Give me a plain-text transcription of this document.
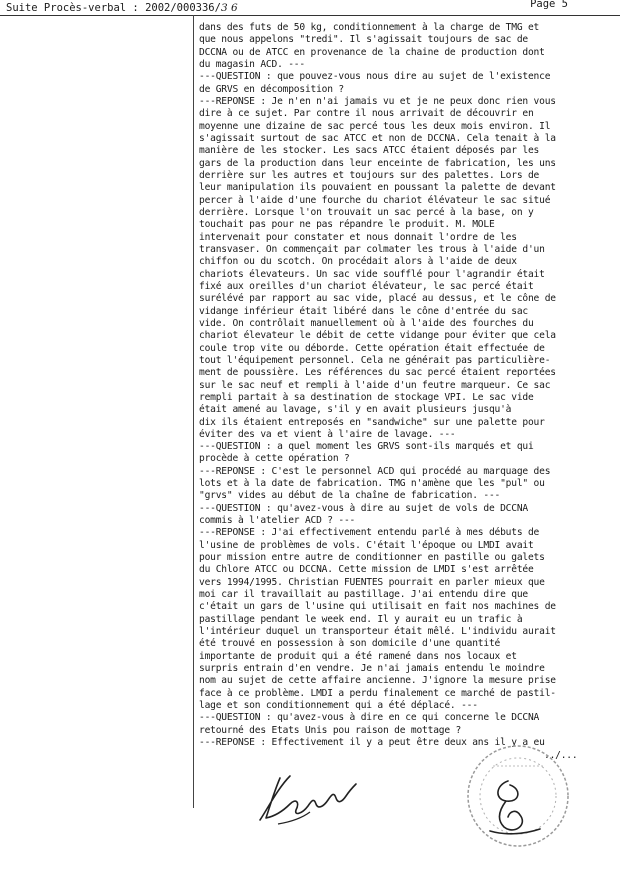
Suite Procès-verbal : 2002/000336/3 6	Page 5
dans des futs de 50 kg, conditionnement à la charge de TMG et
que nous appelons "tredi". Il s'agissait toujours de sac de
DCCNA ou de ATCC en provenance de la chaine de production dont
du magasin ACD. ---
---QUESTION : que pouvez-vous nous dire au sujet de l'existence
de GRVS en décomposition ?
---REPONSE : Je n'en n'ai jamais vu et je ne peux donc rien vous
dire à ce sujet. Par contre il nous arrivait de découvrir en
moyenne une dizaine de sac percé tous les deux mois environ. Il
s'agissait surtout de sac ATCC et non de DCCNA. Cela tenait à la
manière de les stocker. Les sacs ATCC étaient déposés par les
gars de la production dans leur enceinte de fabrication, les uns
derrière sur les autres et toujours sur des palettes. Lors de
leur manipulation ils pouvaient en poussant la palette de devant
percer à l'aide d'une fourche du chariot élévateur le sac situé
derrière. Lorsque l'on trouvait un sac percé à la base, on y
touchait pas pour ne pas répandre le produit. M. MOLE
intervenait pour constater et nous donnait l'ordre de les
transvaser. On commençait par colmater les trous à l'aide d'un
chiffon ou du scotch. On procédait alors à l'aide de deux
chariots élevateurs. Un sac vide soufflé pour l'agrandir était
fixé aux oreilles d'un chariot élévateur, le sac percé était
surélévé par rapport au sac vide, placé au dessus, et le cône de
vidange inférieur était libéré dans le cône d'entrée du sac
vide. On contrôlait manuellement où à l'aide des fourches du
chariot élevateur le débit de cette vidange pour éviter que cela
coule trop vite ou déborde. Cette opération était effectuée de
tout l'équipement personnel. Cela ne générait pas particulière-
ment de poussière. Les références du sac percé étaient reportées
sur le sac neuf et rempli à l'aide d'un feutre marqueur. Ce sac
rempli partait à sa destination de stockage VPI. Le sac vide
était amené au lavage, s'il y en avait plusieurs jusqu'à
dix ils étaient entreposés en "sandwiche" sur une palette pour
éviter des va et vient à l'aire de lavage. ---
---QUESTION : a quel moment les GRVS sont-ils marqués et qui
procède à cette opération ?
---REPONSE : C'est le personnel ACD qui procédé au marquage des
lots et à la date de fabrication. TMG n'amène que les "pul" ou
"grvs" vides au début de la chaîne de fabrication. ---
---QUESTION : qu'avez-vous à dire au sujet de vols de DCCNA
commis à l'atelier ACD ? ---
---REPONSE : J'ai effectivement entendu parlé à mes débuts de
l'usine de problèmes de vols. C'était l'époque ou LMDI avait
pour mission entre autre de conditionner en pastille ou galets
du Chlore ATCC ou DCCNA. Cette mission de LMDI s'est arrêtée
vers 1994/1995. Christian FUENTES pourrait en parler mieux que
moi car il travaillait au pastillage. J'ai entendu dire que
c'était un gars de l'usine qui utilisait en fait nos machines de
pastillage pendant le week end. Il y aurait eu un trafic à
l'intérieur duquel un transporteur était mêlé. L'individu aurait
été trouvé en possession à son domicile d'une quantité
importante de produit qui a été ramené dans nos locaux et
surpris entrain d'en vendre. Je n'ai jamais entendu le moindre
nom au sujet de cette affaire ancienne. J'ignore la mesure prise
face à ce problème. LMDI a perdu finalement ce marché de pastil-
lage et son conditionnement qui a été déplacé. ---
---QUESTION : qu'avez-vous à dire en ce qui concerne le DCCNA
retourné des Etats Unis pou raison de mottage ?
---REPONSE : Effectivement il y a peut être deux ans il y a eu
../...
